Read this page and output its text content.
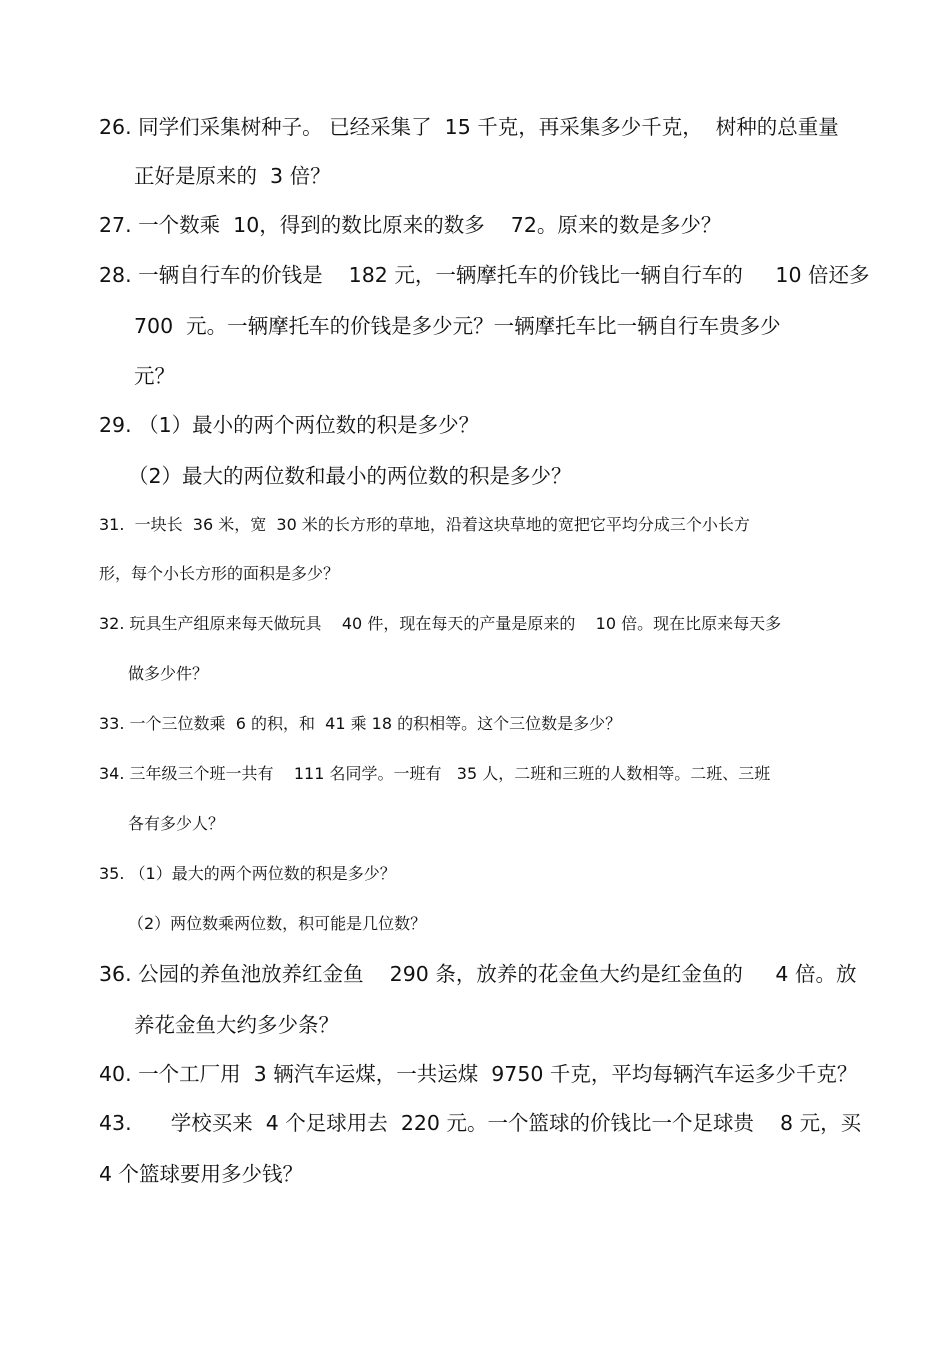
26. 同学们采集树种子。 已经采集了  15 千克，再采集多少千克，  树种的总重量
正好是原来的  3 倍？
27. 一个数乘  10，得到的数比原来的数多    72。原来的数是多少？
28. 一辆自行车的价钱是    182 元，一辆摩托车的价钱比一辆自行车的     10 倍还多
700  元。一辆摩托车的价钱是多少元？一辆摩托车比一辆自行车贵多少
元？
29. （1）最小的两个两位数的积是多少？
（2）最大的两位数和最小的两位数的积是多少？
31.  一块长  36 米，宽  30 米的长方形的草地，沿着这块草地的宽把它平均分成三个小长方
形，每个小长方形的面积是多少？
32. 玩具生产组原来每天做玩具    40 件，现在每天的产量是原来的    10 倍。现在比原来每天多
做多少件？
33. 一个三位数乘  6 的积，和  41 乘 18 的积相等。这个三位数是多少？
34. 三年级三个班一共有    111 名同学。一班有   35 人，二班和三班的人数相等。二班、三班
各有多少人？
35. （1）最大的两个两位数的积是多少？
（2）两位数乘两位数，积可能是几位数？
36. 公园的养鱼池放养红金鱼    290 条，放养的花金鱼大约是红金鱼的     4 倍。放
养花金鱼大约多少条？
40. 一个工厂用  3 辆汽车运煤，一共运煤  9750 千克，平均每辆汽车运多少千克？
43.      学校买来  4 个足球用去  220 元。一个篮球的价钱比一个足球贵    8 元，买
4 个篮球要用多少钱？
